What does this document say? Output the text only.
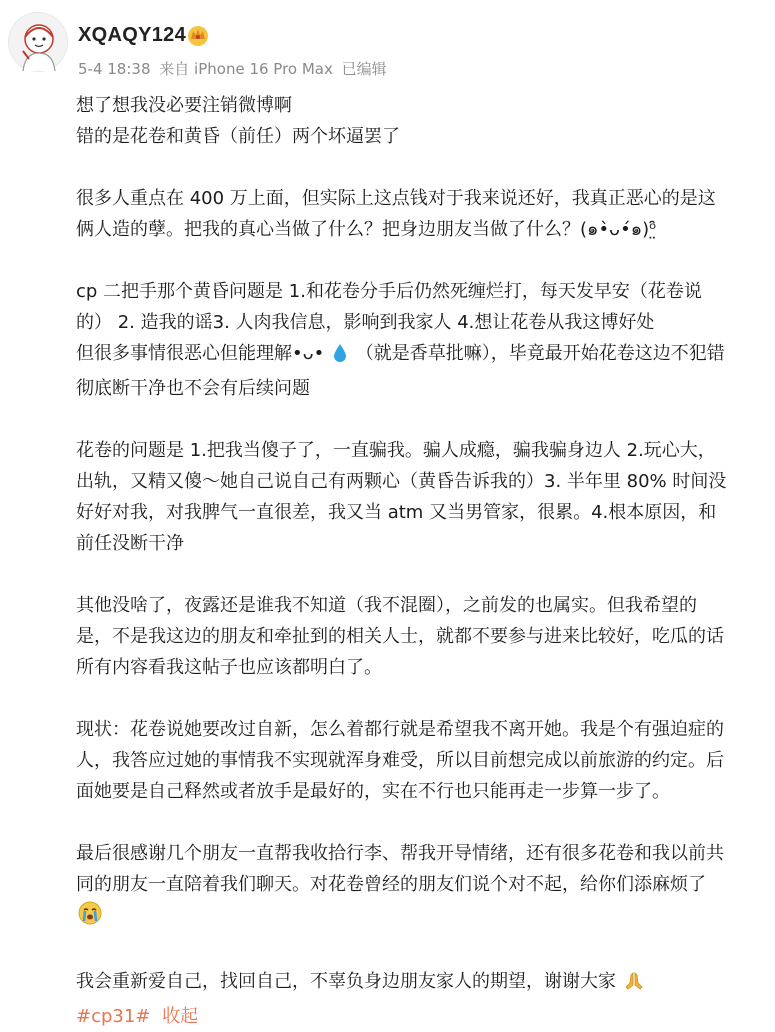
XQAQY124
5-4 18:38 来自 iPhone 16 Pro Max 已编辑
想了想我没必要注销微博啊
错的是花卷和黄昏（前任）两个坏逼罢了
很多人重点在 400 万上面，但实际上这点钱对于我来说还好，我真正恶心的是这
俩人造的孽。把我的真心当做了什么？把身边朋友当做了什么？(๑•̀ᴗ•́๑)ᵒ̤̑
cp 二把手那个黄昏问题是 1.和花卷分手后仍然死缠烂打，每天发早安（花卷说
的） 2. 造我的谣3. 人肉我信息，影响到我家人 4.想让花卷从我这博好处
但很多事情很恶心但能理解•ᴗ• （就是香草批嘛），毕竟最开始花卷这边不犯错
彻底断干净也不会有后续问题
花卷的问题是 1.把我当傻子了，一直骗我。骗人成瘾，骗我骗身边人 2.玩心大，
出轨，又精又傻～她自己说自己有两颗心（黄昏告诉我的）3. 半年里 80% 时间没
好好对我，对我脾气一直很差，我又当 atm 又当男管家，很累。4.根本原因，和
前任没断干净
其他没啥了，夜露还是谁我不知道（我不混圈），之前发的也属实。但我希望的
是，不是我这边的朋友和牵扯到的相关人士，就都不要参与进来比较好，吃瓜的话
所有内容看我这帖子也应该都明白了。
现状：花卷说她要改过自新，怎么着都行就是希望我不离开她。我是个有强迫症的
人，我答应过她的事情我不实现就浑身难受，所以目前想完成以前旅游的约定。后
面她要是自己释然或者放手是最好的，实在不行也只能再走一步算一步了。
最后很感谢几个朋友一直帮我收拾行李、帮我开导情绪，还有很多花卷和我以前共
同的朋友一直陪着我们聊天。对花卷曾经的朋友们说个对不起，给你们添麻烦了
我会重新爱自己，找回自己，不辜负身边朋友家人的期望，谢谢大家
#cp31# 收起
